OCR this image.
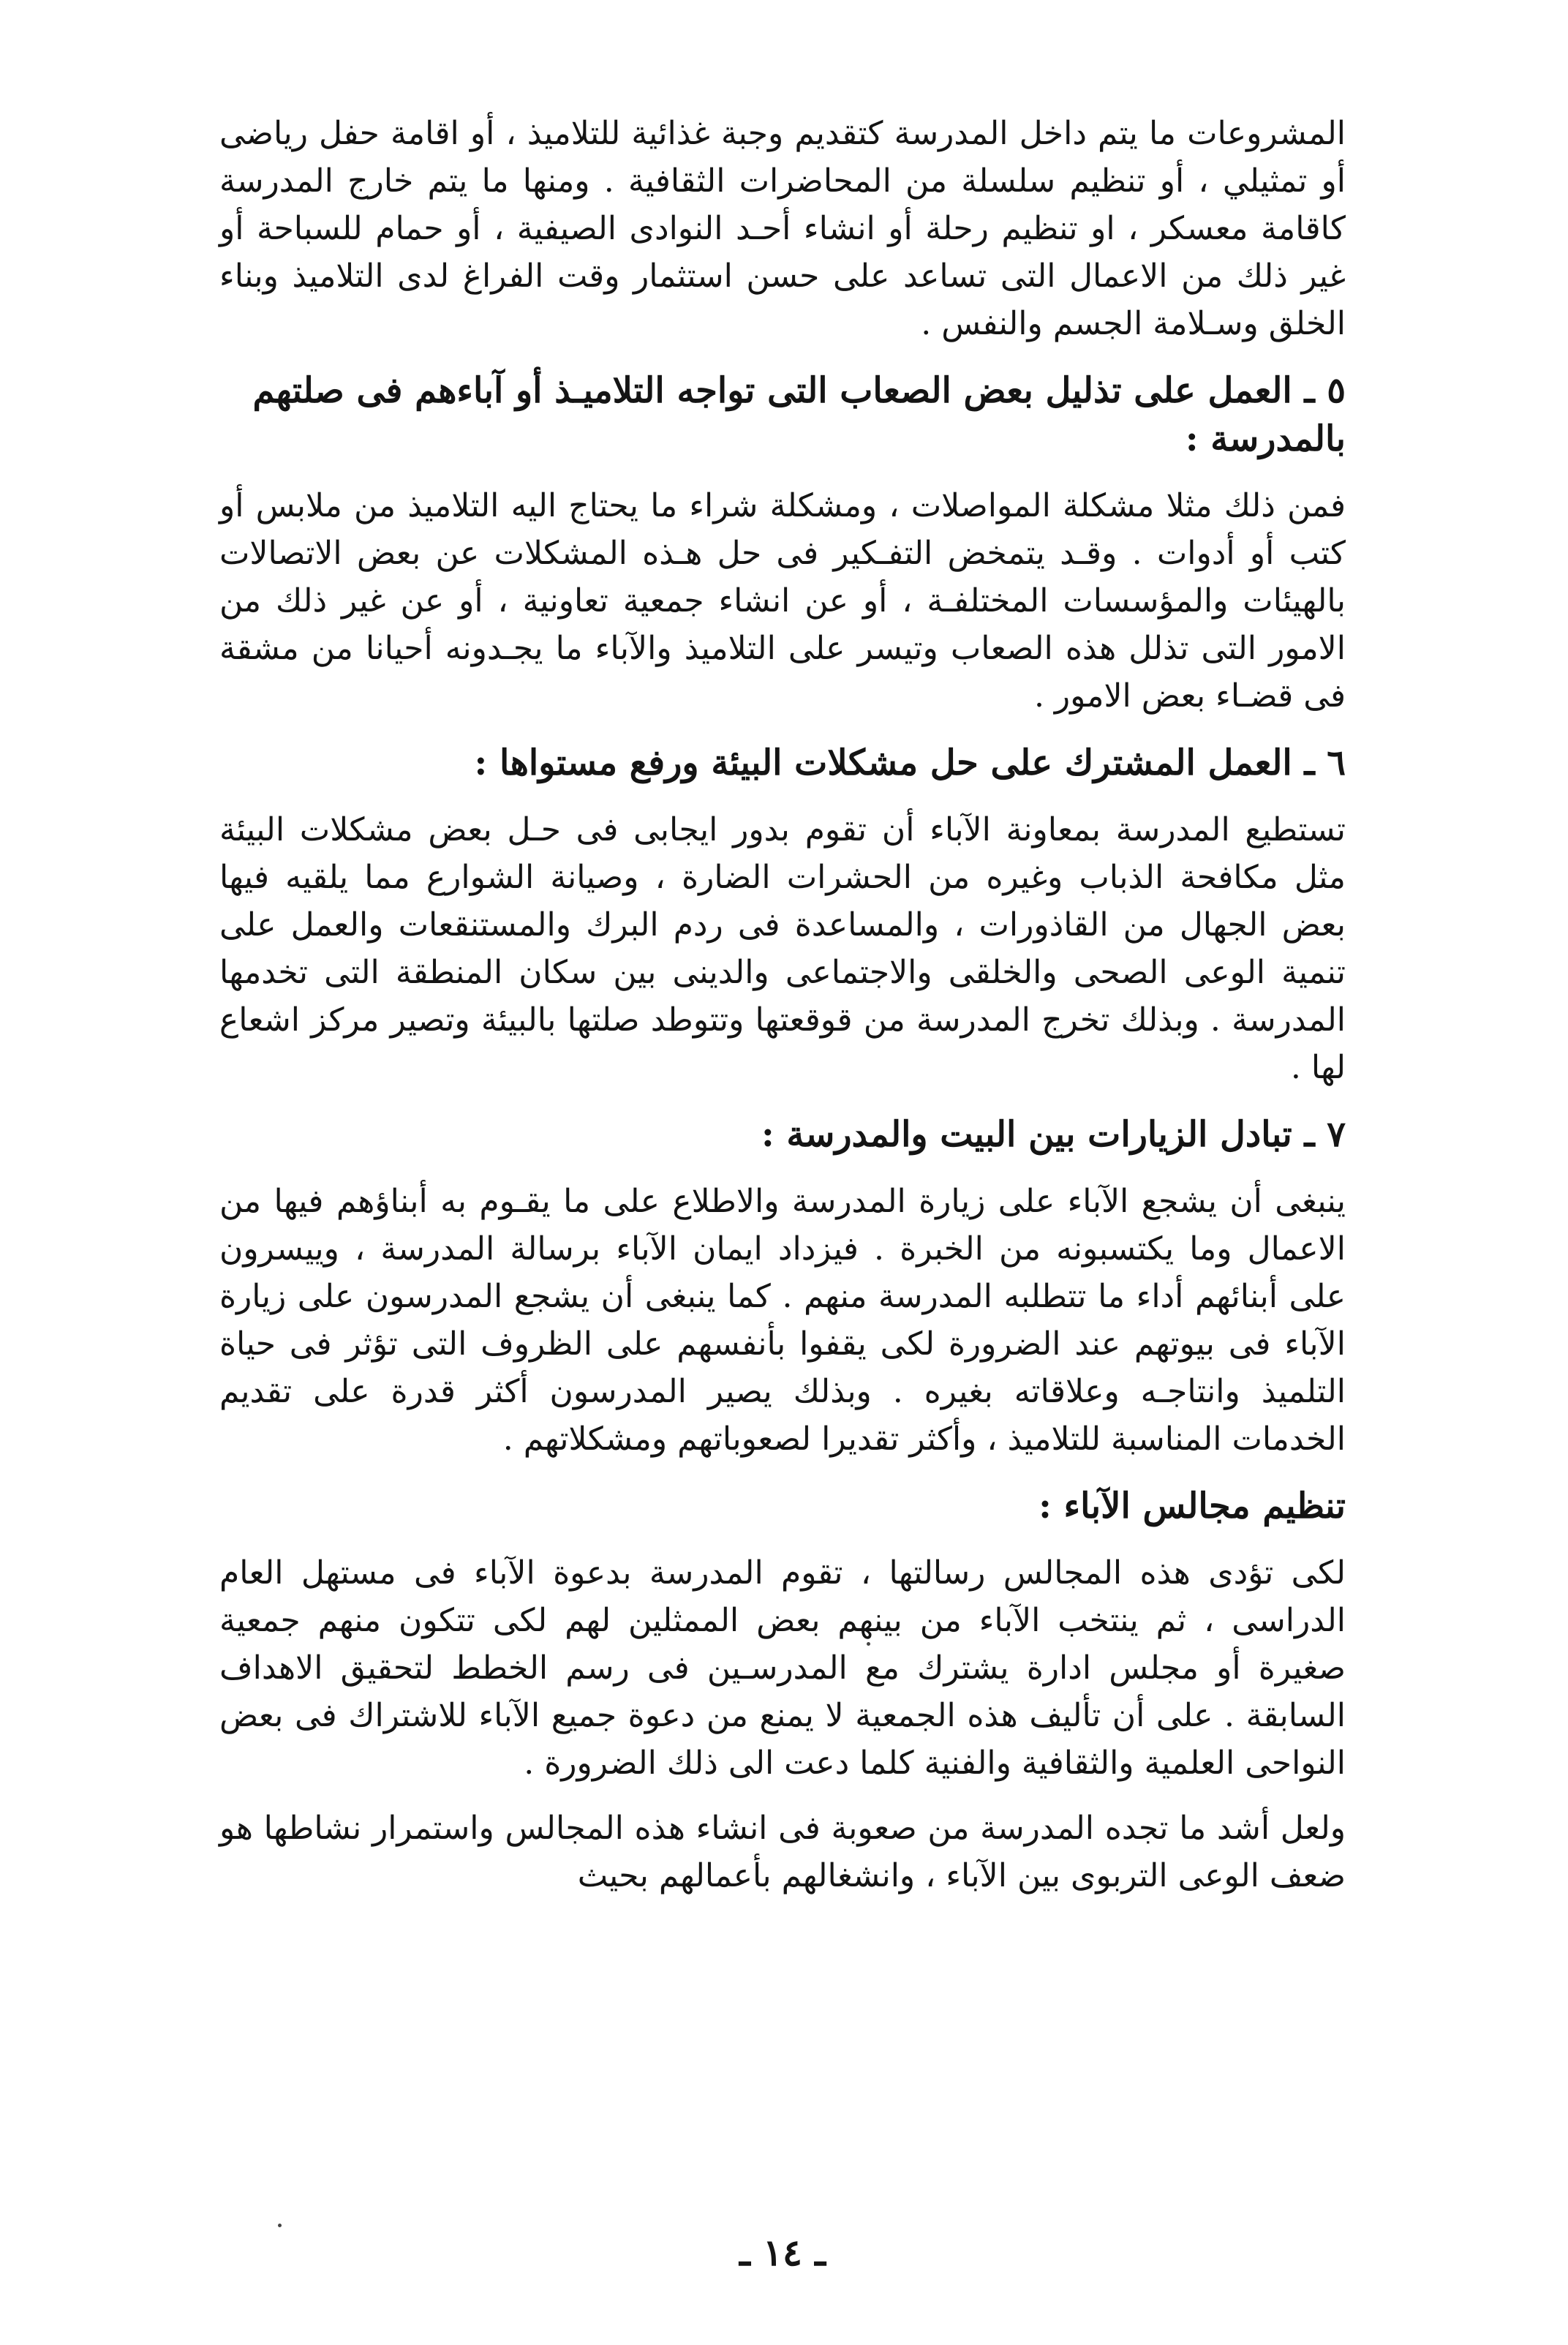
المشروعات ما يتم داخل المدرسة كتقديم وجبة غذائية للتلاميذ ، أو اقامة حفل رياضى أو تمثيلي ، أو تنظيم سلسلة من المحاضرات الثقافية . ومنها ما يتم خارج المدرسة كاقامة معسكر ، او تنظيم رحلة أو انشاء أحـد النوادى الصيفية ، أو حمام للسباحة أو غير ذلك من الاعمال التى تساعد على حسن استثمار وقت الفراغ لدى التلاميذ وبناء الخلق وسـلامة الجسم والنفس .

٥ ـ العمل على تذليل بعض الصعاب التى تواجه التلاميـذ أو آباءهم فى صلتهم بالمدرسة :

فمن ذلك مثلا مشكلة المواصلات ، ومشكلة شراء ما يحتاج اليه التلاميذ من ملابس أو كتب أو أدوات . وقـد يتمخض التفـكير فى حل هـذه المشكلات عن بعض الاتصالات بالهيئات والمؤسسات المختلفـة ، أو عن انشاء جمعية تعاونية ، أو عن غير ذلك من الامور التى تذلل هذه الصعاب وتيسر على التلاميذ والآباء ما يجـدونه أحيانا من مشقة فى قضـاء بعض الامور .

٦ ـ العمل المشترك على حل مشكلات البيئة ورفع مستواها :

تستطيع المدرسة بمعاونة الآباء أن تقوم بدور ايجابى فى حـل بعض مشكلات البيئة مثل مكافحة الذباب وغيره من الحشرات الضارة ، وصيانة الشوارع مما يلقيه فيها بعض الجهال من القاذورات ، والمساعدة فى ردم البرك والمستنقعات والعمل على تنمية الوعى الصحى والخلقى والاجتماعى والدينى بين سكان المنطقة التى تخدمها المدرسة . وبذلك تخرج المدرسة من قوقعتها وتتوطد صلتها بالبيئة وتصير مركز اشعاع لها .

٧ ـ تبادل الزيارات بين البيت والمدرسة :

ينبغى أن يشجع الآباء على زيارة المدرسة والاطلاع على ما يقـوم به أبناؤهم فيها من الاعمال وما يكتسبونه من الخبرة . فيزداد ايمان الآباء برسالة المدرسة ، وييسرون على أبنائهم أداء ما تتطلبه المدرسة منهم . كما ينبغى أن يشجع المدرسون على زيارة الآباء فى بيوتهم عند الضرورة لكى يقفوا بأنفسهم على الظروف التى تؤثر فى حياة التلميذ وانتاجـه وعلاقاته بغيره . وبذلك يصير المدرسون أكثر قدرة على تقديم الخدمات المناسبة للتلاميذ ، وأكثر تقديرا لصعوباتهم ومشكلاتهم .

تنظيم مجالس الآباء :

لكى تؤدى هذه المجالس رسالتها ، تقوم المدرسة بدعوة الآباء فى مستهل العام الدراسى ، ثم ينتخب الآباء من بينهم بعض الممثلين لهم لكى تتكون منهم جمعية صغيرة أو مجلس ادارة يشترك مع المدرسـين فى رسم الخطط لتحقيق الاهداف السابقة . على أن تأليف هذه الجمعية لا يمنع من دعوة جميع الآباء للاشتراك فى بعض النواحى العلمية والثقافية والفنية كلما دعت الى ذلك الضرورة .

ولعل أشد ما تجده المدرسة من صعوبة فى انشاء هذه المجالس واستمرار نشاطها هو ضعف الوعى التربوى بين الآباء ، وانشغالهم بأعمالهم بحيث

ـ ١٤ ـ
